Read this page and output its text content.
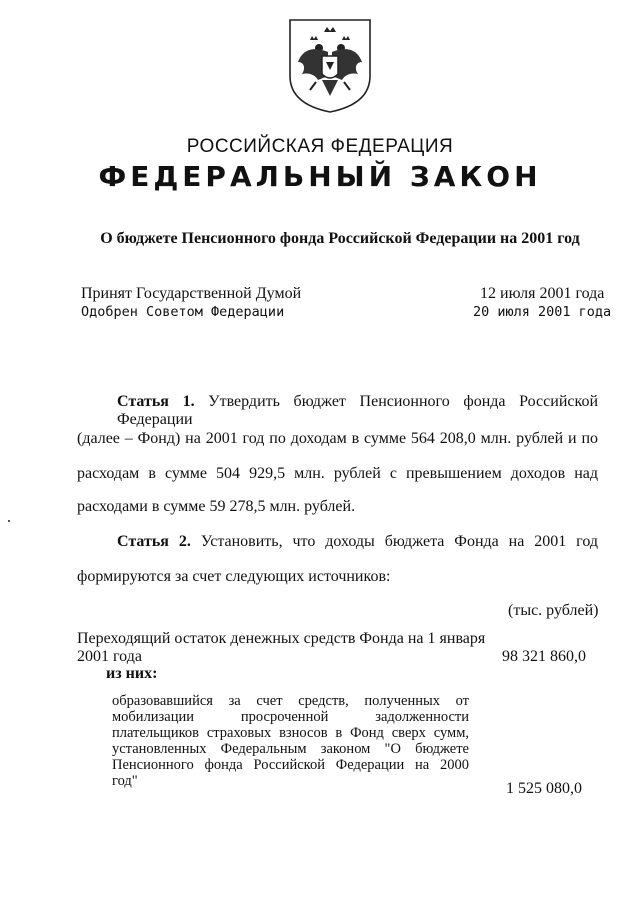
РОССИЙСКАЯ ФЕДЕРАЦИЯ
ФЕДЕРАЛЬНЫЙ ЗАКОН
О бюджете Пенсионного фонда Российской Федерации на 2001 год
Принят Государственной Думой	12 июля 2001 года
Одобрен Советом Федерации	20 июля 2001 года
Статья 1. Утвердить бюджет Пенсионного фонда Российской Федерации
(далее – Фонд) на 2001 год по доходам в сумме 564 208,0 млн. рублей и по
расходам в сумме 504 929,5 млн. рублей с превышением доходов над
расходами в сумме 59 278,5 млн. рублей.
Статья 2. Установить, что доходы бюджета Фонда на 2001 год
формируются за счет следующих источников:
(тыс. рублей)
Переходящий остаток денежных средств Фонда на 1 января
2001 года	98 321 860,0
из них:
образовавшийся за счет средств, полученных от
мобилизации просроченной задолженности
плательщиков страховых взносов в Фонд сверх сумм,
установленных Федеральным законом "О бюджете
Пенсионного фонда Российской Федерации на 2000
год"	1 525 080,0
